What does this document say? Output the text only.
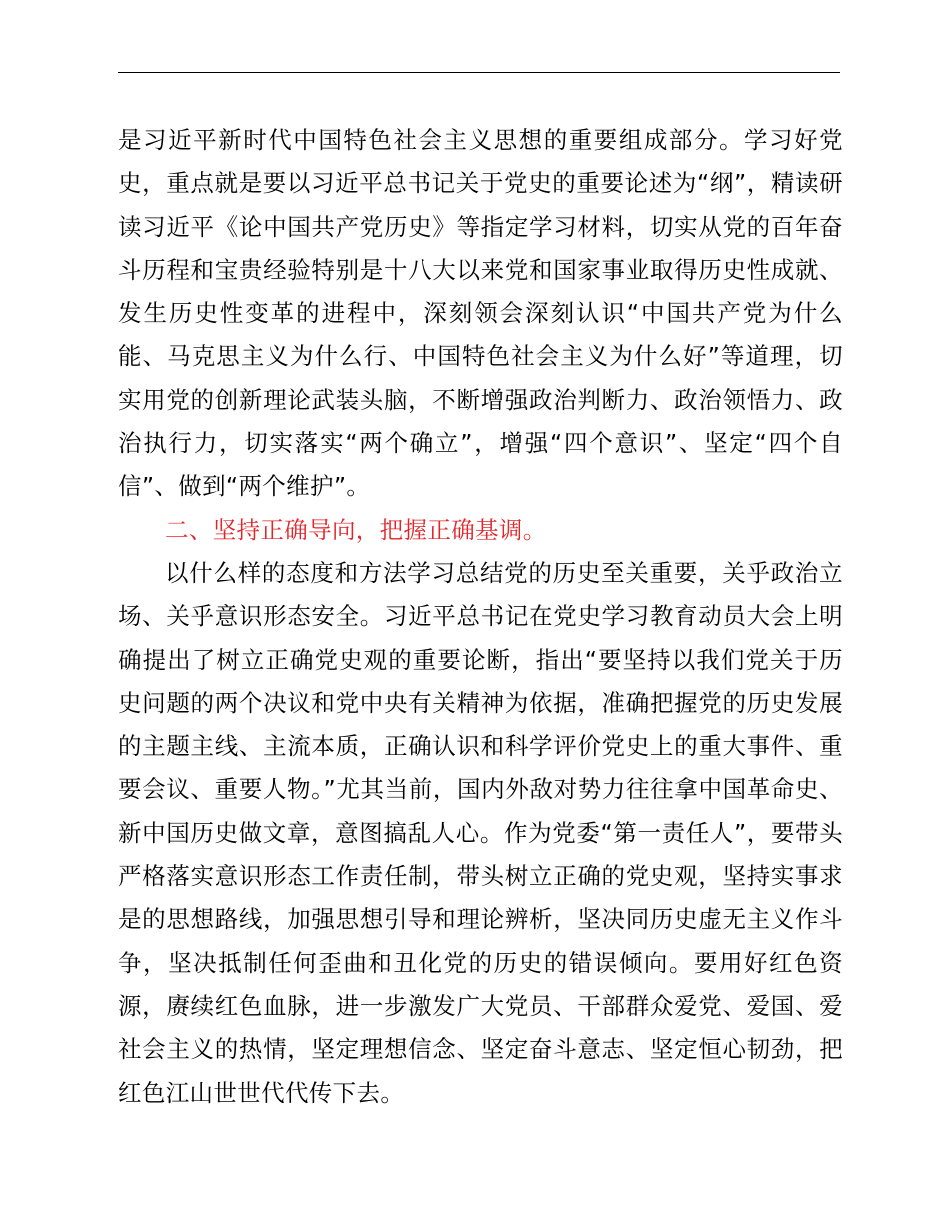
是习近平新时代中国特色社会主义思想的重要组成部分。学习好党史，重点就是要以习近平总书记关于党史的重要论述为“纲”，精读研读习近平《论中国共产党历史》等指定学习材料，切实从党的百年奋斗历程和宝贵经验特别是十八大以来党和国家事业取得历史性成就、发生历史性变革的进程中，深刻领会深刻认识“中国共产党为什么能、马克思主义为什么行、中国特色社会主义为什么好”等道理，切实用党的创新理论武装头脑，不断增强政治判断力、政治领悟力、政治执行力，切实落实“两个确立”，增强“四个意识”、坚定“四个自信”、做到“两个维护”。

二、坚持正确导向，把握正确基调。

以什么样的态度和方法学习总结党的历史至关重要，关乎政治立场、关乎意识形态安全。习近平总书记在党史学习教育动员大会上明确提出了树立正确党史观的重要论断，指出“要坚持以我们党关于历史问题的两个决议和党中央有关精神为依据，准确把握党的历史发展的主题主线、主流本质，正确认识和科学评价党史上的重大事件、重要会议、重要人物。”尤其当前，国内外敌对势力往往拿中国革命史、新中国历史做文章，意图搞乱人心。作为党委“第一责任人”，要带头严格落实意识形态工作责任制，带头树立正确的党史观，坚持实事求是的思想路线，加强思想引导和理论辨析，坚决同历史虚无主义作斗争，坚决抵制任何歪曲和丑化党的历史的错误倾向。要用好红色资源，赓续红色血脉，进一步激发广大党员、干部群众爱党、爱国、爱社会主义的热情，坚定理想信念、坚定奋斗意志、坚定恒心韧劲，把红色江山世世代代传下去。
